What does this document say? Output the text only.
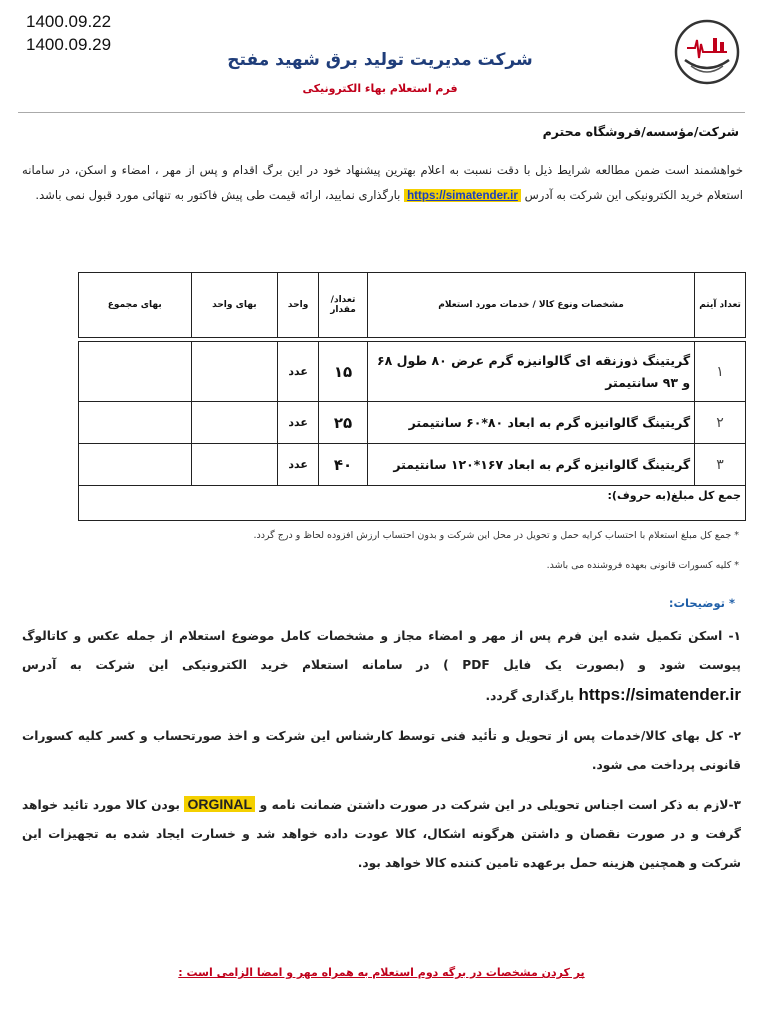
1400.09.22
1400.09.29
شرکت مدیریت تولید برق شهید مفتح
فرم استعلام بهاء الکترونیکی
شرکت/مؤسسه/فروشگاه محترم
خواهشمند است ضمن مطالعه شرایط ذیل با دقت نسبت به اعلام بهترین پیشنهاد خود در این برگ اقدام و پس از مهر ، امضاء و اسکن، در سامانه استعلام خرید الکترونیکی این شرکت به آدرس https://simatender.ir بارگذاری نمایید، ارائه قیمت طی پیش فاکتور به تنهائی مورد قبول نمی باشد.
تعداد آیتم	مشخصات ونوع کالا / خدمات مورد استعلام	تعداد/ مقدار	واحد	بهای واحد	بهای مجموع

۱	گریتینگ ذوزنقه ای گالوانیزه گرم عرض ۸۰ طول ۶۸ و ۹۳ سانتیمتر	۱۵	عدد		
۲	گریتینگ گالوانیزه گرم به ابعاد ۸۰*۶۰ سانتیمتر	۲۵	عدد		
۳	گریتینگ گالوانیزه گرم به ابعاد ۱۶۷*۱۲۰ سانتیمتر	۴۰	عدد		
جمع کل مبلغ(به حروف):					
* جمع کل مبلغ استعلام با احتساب کرایه حمل و تحویل در محل این شرکت و بدون احتساب ارزش افزوده لحاظ و درج گردد.
* کلیه کسورات قانونی بعهده فروشنده می باشد.
* توضیحات:
۱- اسکن تکمیل شده این فرم پس از مهر و امضاء مجاز و مشخصات کامل موضوع استعلام از جمله عکس و کاتالوگ پیوست شود و (بصورت یک فایل PDF ) در سامانه استعلام خرید الکترونیکی این شرکت به آدرس https://simatender.ir بارگذاری گردد.
۲- کل بهای کالا/خدمات پس از تحویل و تأئید فنی توسط کارشناس این شرکت و اخذ صورتحساب و کسر کلیه کسورات قانونی پرداخت می شود.
۳-لازم به ذکر است اجناس تحویلی در این شرکت در صورت داشتن ضمانت نامه و ORGINAL بودن کالا مورد تائید خواهد گرفت و در صورت نقصان و داشتن هرگونه اشکال، کالا عودت داده خواهد شد و خسارت ایجاد شده به تجهیزات این شرکت و همچنین هزینه حمل برعهده تامین کننده کالا خواهد بود.
پر کردن مشخصات در برگه دوم استعلام به همراه مهر و امضا الزامی است :
